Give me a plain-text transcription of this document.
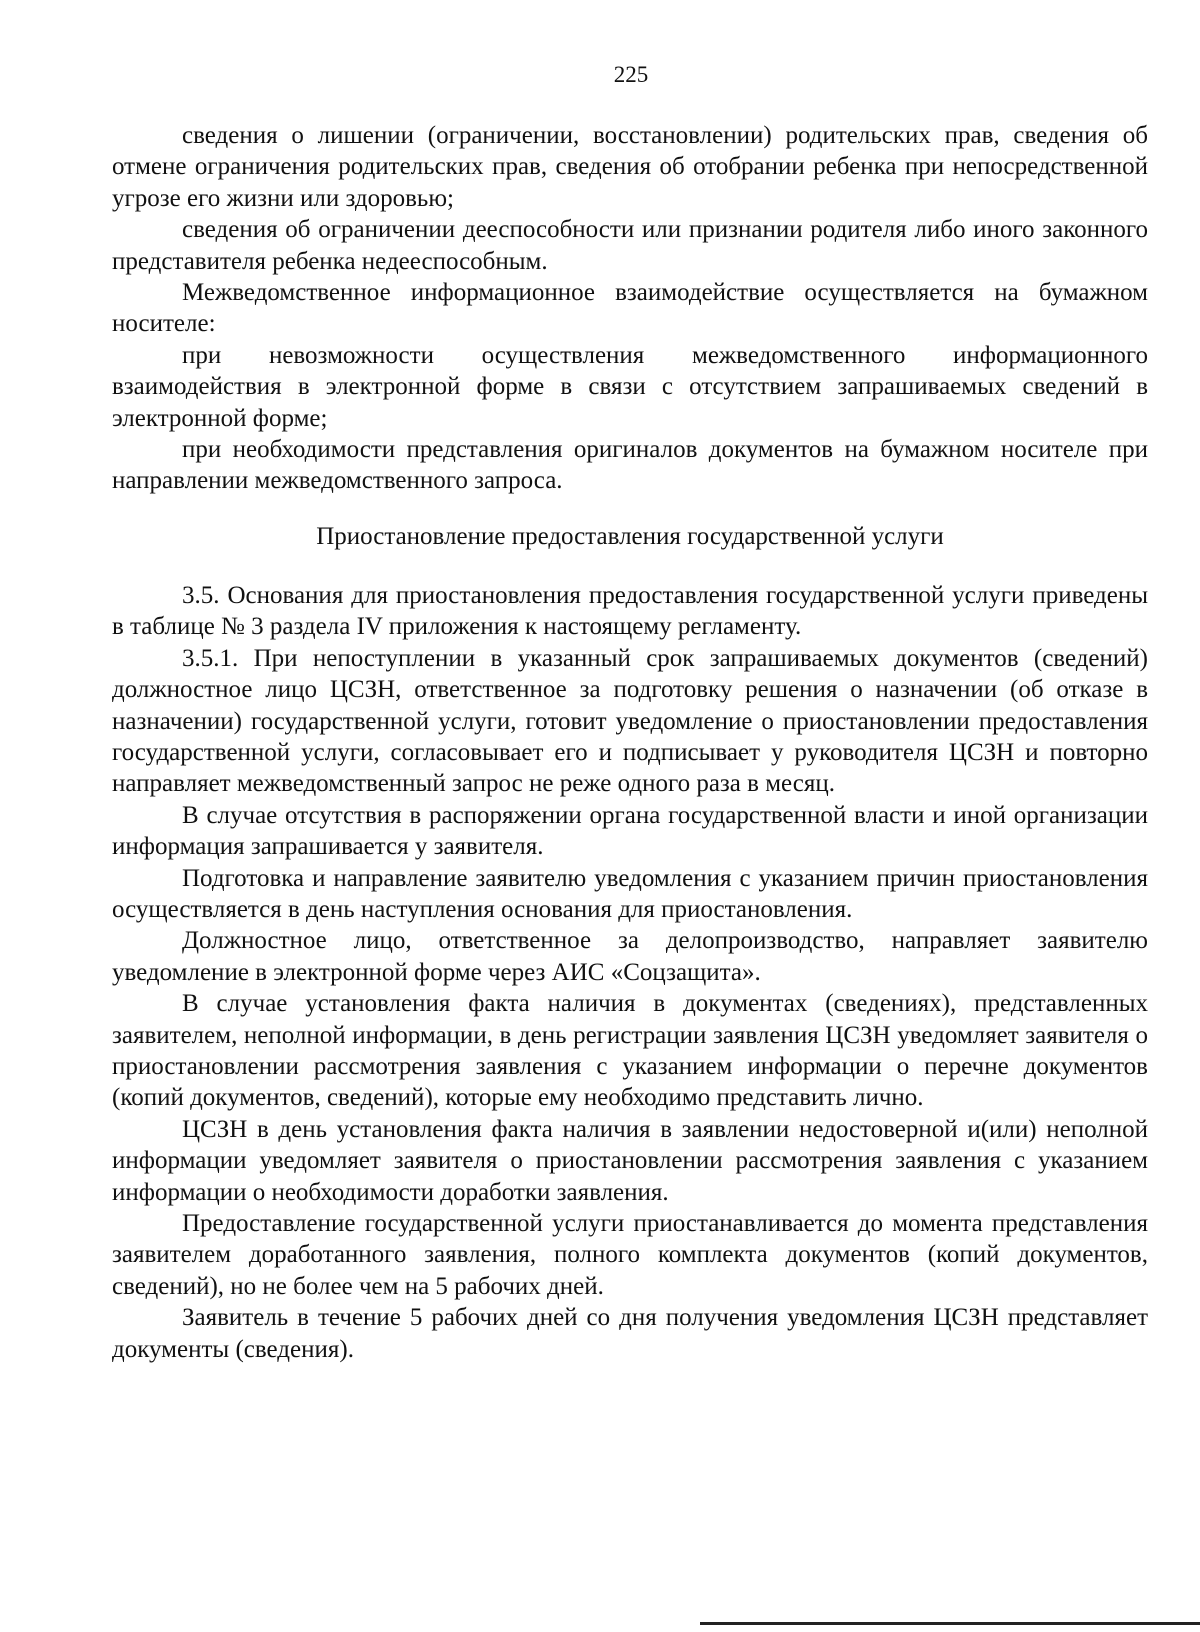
225

сведения о лишении (ограничении, восстановлении) родительских прав, сведения об отмене ограничения родительских прав, сведения об отобрании ребенка при непосредственной угрозе его жизни или здоровью;

сведения об ограничении дееспособности или признании родителя либо иного законного представителя ребенка недееспособным.

Межведомственное информационное взаимодействие осуществляется на бумажном носителе:

при невозможности осуществления межведомственного информационного взаимодействия в электронной форме в связи с отсутствием запрашиваемых сведений в электронной форме;

при необходимости представления оригиналов документов на бумажном носителе при направлении межведомственного запроса.

Приостановление предоставления государственной услуги

3.5. Основания для приостановления предоставления государственной услуги приведены в таблице № 3 раздела IV приложения к настоящему регламенту.

3.5.1. При непоступлении в указанный срок запрашиваемых документов (сведений) должностное лицо ЦСЗН, ответственное за подготовку решения о назначении (об отказе в назначении) государственной услуги, готовит уведомление о приостановлении предоставления государственной услуги, согласовывает его и подписывает у руководителя ЦСЗН и повторно направляет межведомственный запрос не реже одного раза в месяц.

В случае отсутствия в распоряжении органа государственной власти и иной организации информация запрашивается у заявителя.

Подготовка и направление заявителю уведомления с указанием причин приостановления осуществляется в день наступления основания для приостановления.

Должностное лицо, ответственное за делопроизводство, направляет заявителю уведомление в электронной форме через АИС «Соцзащита».

В случае установления факта наличия в документах (сведениях), представленных заявителем, неполной информации, в день регистрации заявления ЦСЗН уведомляет заявителя о приостановлении рассмотрения заявления с указанием информации о перечне документов (копий документов, сведений), которые ему необходимо представить лично.

ЦСЗН в день установления факта наличия в заявлении недостоверной и(или) неполной информации уведомляет заявителя о приостановлении рассмотрения заявления с указанием информации о необходимости доработки заявления.

Предоставление государственной услуги приостанавливается до момента представления заявителем доработанного заявления, полного комплекта документов (копий документов, сведений), но не более чем на 5 рабочих дней.

Заявитель в течение 5 рабочих дней со дня получения уведомления ЦСЗН представляет документы (сведения).
